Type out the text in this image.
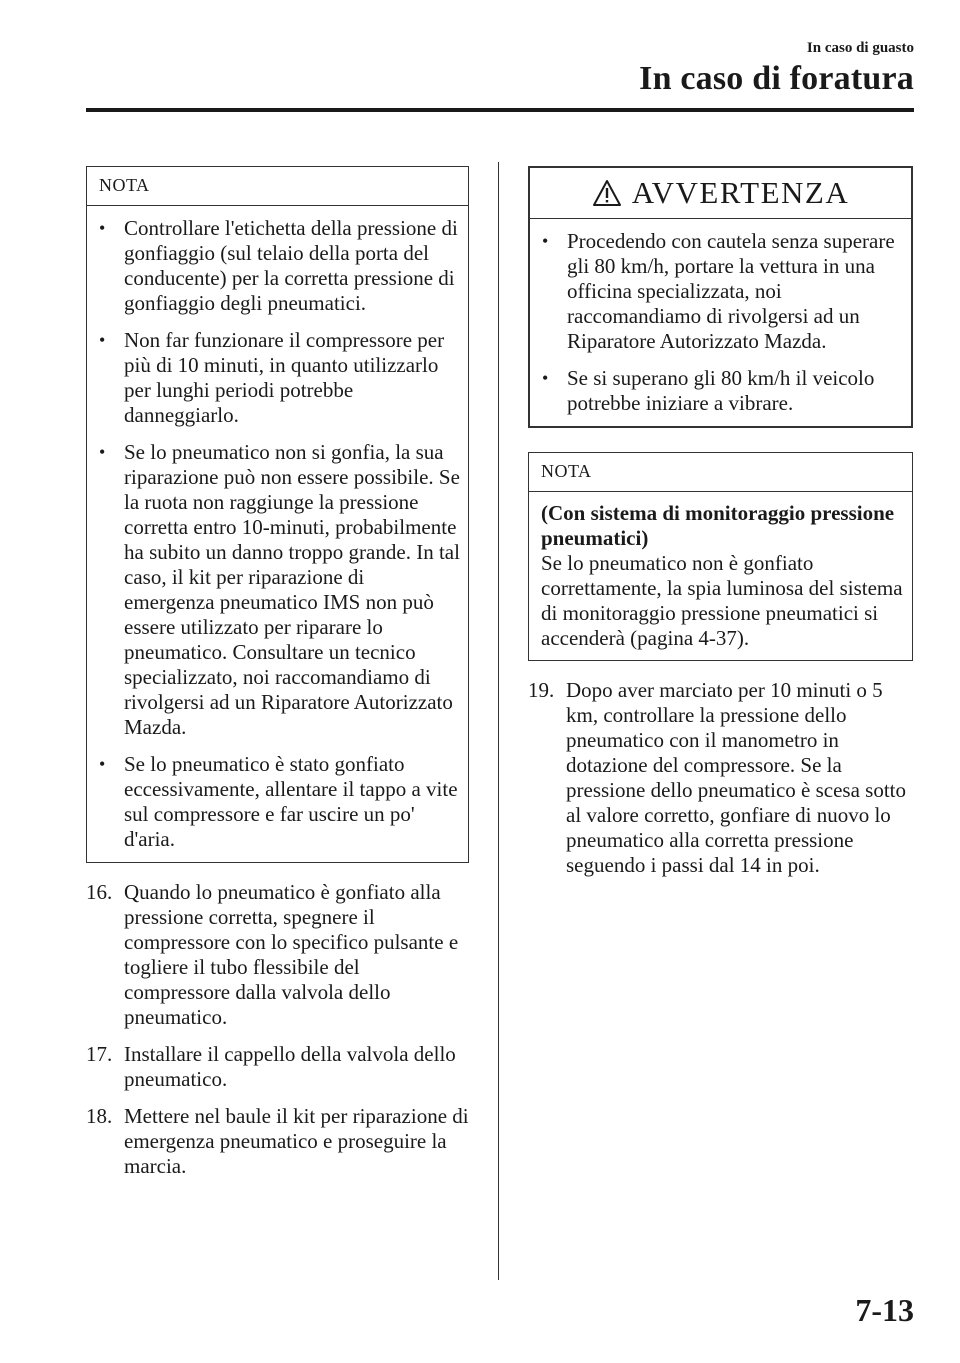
In caso di guasto
In caso di foratura
NOTA
• Controllare l'etichetta della pressione di gonfiaggio (sul telaio della porta del conducente) per la corretta pressione di gonfiaggio degli pneumatici.
• Non far funzionare il compressore per più di 10 minuti, in quanto utilizzarlo per lunghi periodi potrebbe danneggiarlo.
• Se lo pneumatico non si gonfia, la sua riparazione può non essere possibile. Se la ruota non raggiunge la pressione corretta entro 10-minuti, probabilmente ha subito un danno troppo grande. In tal caso, il kit per riparazione di emergenza pneumatico IMS non può essere utilizzato per riparare lo pneumatico. Consultare un tecnico specializzato, noi raccomandiamo di rivolgersi ad un Riparatore Autorizzato Mazda.
• Se lo pneumatico è stato gonfiato eccessivamente, allentare il tappo a vite sul compressore e far uscire un po' d'aria.
16. Quando lo pneumatico è gonfiato alla pressione corretta, spegnere il compressore con lo specifico pulsante e togliere il tubo flessibile del compressore dalla valvola dello pneumatico.
17. Installare il cappello della valvola dello pneumatico.
18. Mettere nel baule il kit per riparazione di emergenza pneumatico e proseguire la marcia.
AVVERTENZA
• Procedendo con cautela senza superare gli 80 km/h, portare la vettura in una officina specializzata, noi raccomandiamo di rivolgersi ad un Riparatore Autorizzato Mazda.
• Se si superano gli 80 km/h il veicolo potrebbe iniziare a vibrare.
NOTA
(Con sistema di monitoraggio pressione pneumatici)
Se lo pneumatico non è gonfiato correttamente, la spia luminosa del sistema di monitoraggio pressione pneumatici si accenderà (pagina 4-37).
19. Dopo aver marciato per 10 minuti o 5 km, controllare la pressione dello pneumatico con il manometro in dotazione del compressore. Se la pressione dello pneumatico è scesa sotto al valore corretto, gonfiare di nuovo lo pneumatico alla corretta pressione seguendo i passi dal 14 in poi.
7-13
